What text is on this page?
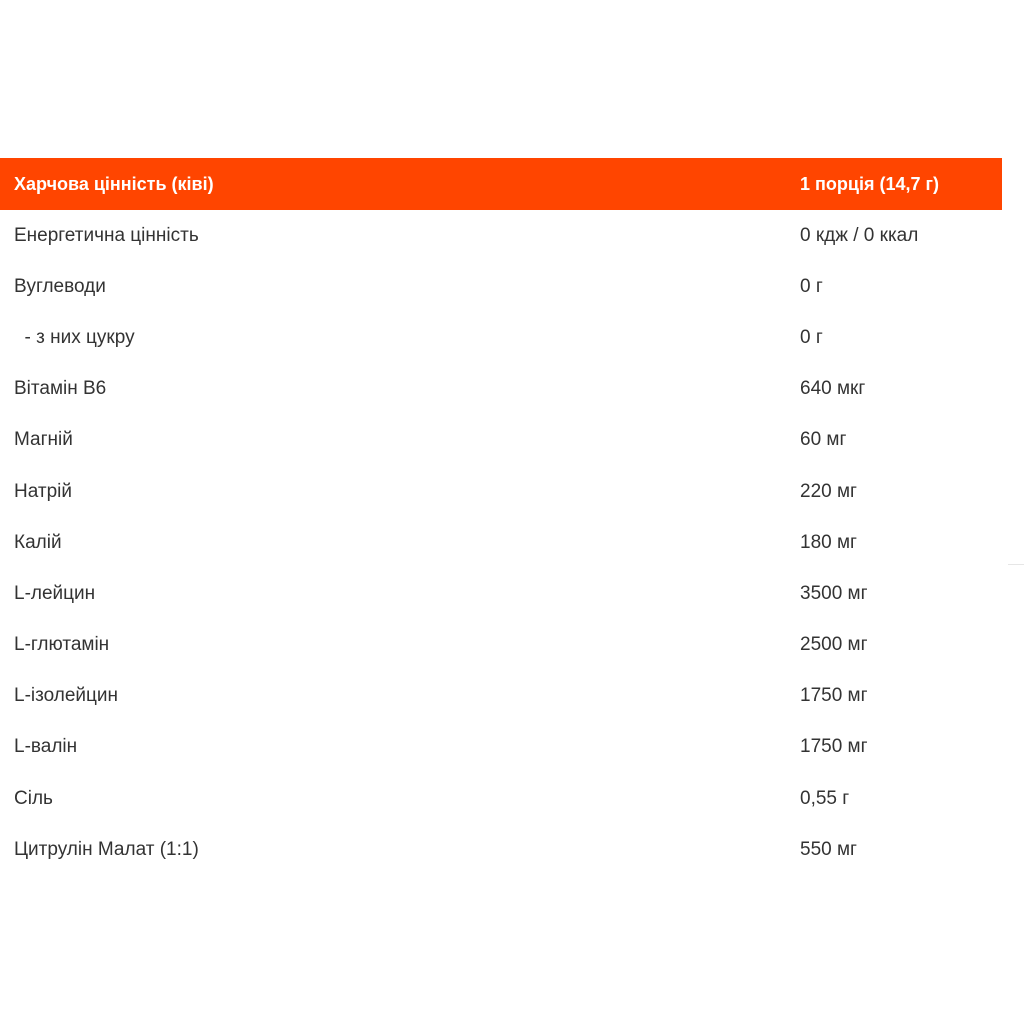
Харчова цінність (ківі)	1 порція (14,7 г)
Енергетична цінність	0 кдж / 0 ккал
Вуглеводи	0 г
- з них цукру	0 г
Вітамін B6	640 мкг
Магній	60 мг
Натрій	220 мг
Калій	180 мг
L-лейцин	3500 мг
L-глютамін	2500 мг
L-ізолейцин	1750 мг
L-валін	1750 мг
Сіль	0,55 г
Цитрулін Малат (1:1)	550 мг
